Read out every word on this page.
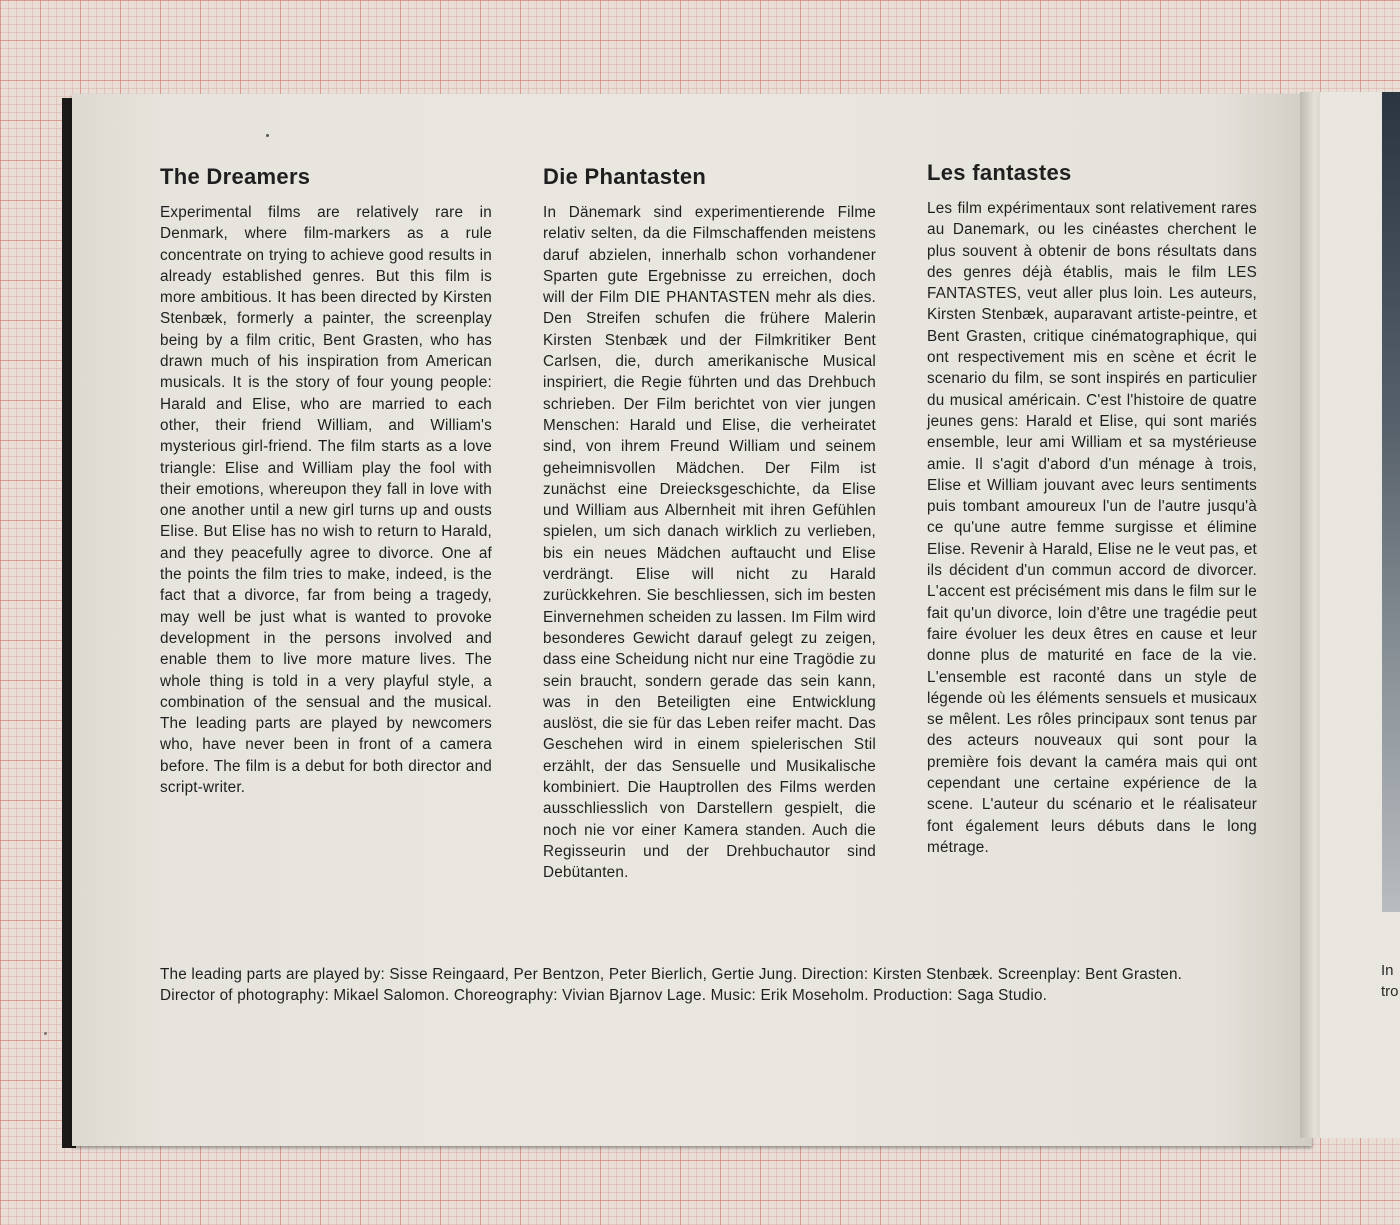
The Dreamers

Experimental films are relatively rare in Denmark, where film-markers as a rule concentrate on trying to achieve good results in already established genres. But this film is more ambitious. It has been directed by Kirsten Stenbæk, formerly a painter, the screenplay being by a film critic, Bent Grasten, who has drawn much of his inspiration from American musicals. It is the story of four young people: Harald and Elise, who are married to each other, their friend William, and William's mysterious girl-friend. The film starts as a love triangle: Elise and William play the fool with their emotions, whereupon they fall in love with one another until a new girl turns up and ousts Elise. But Elise has no wish to return to Harald, and they peacefully agree to divorce. One af the points the film tries to make, indeed, is the fact that a divorce, far from being a tragedy, may well be just what is wanted to provoke development in the persons involved and enable them to live more mature lives. The whole thing is told in a very playful style, a combination of the sensual and the musical. The leading parts are played by newcomers who, have never been in front of a camera before. The film is a debut for both director and script-writer.

Die Phantasten

In Dänemark sind experimentierende Filme relativ selten, da die Filmschaffenden meistens daruf abzielen, innerhalb schon vorhandener Sparten gute Ergebnisse zu erreichen, doch will der Film DIE PHANTASTEN mehr als dies. Den Streifen schufen die frühere Malerin Kirsten Stenbæk und der Filmkritiker Bent Carlsen, die, durch amerikanische Musical inspiriert, die Regie führten und das Drehbuch schrieben. Der Film berichtet von vier jungen Menschen: Harald und Elise, die verheiratet sind, von ihrem Freund William und seinem geheimnisvollen Mädchen. Der Film ist zunächst eine Dreiecksgeschichte, da Elise und William aus Albernheit mit ihren Gefühlen spielen, um sich danach wirklich zu verlieben, bis ein neues Mädchen auftaucht und Elise verdrängt. Elise will nicht zu Harald zurückkehren. Sie beschliessen, sich im besten Einvernehmen scheiden zu lassen. Im Film wird besonderes Gewicht darauf gelegt zu zeigen, dass eine Scheidung nicht nur eine Tragödie zu sein braucht, sondern gerade das sein kann, was in den Beteiligten eine Entwicklung auslöst, die sie für das Leben reifer macht. Das Geschehen wird in einem spielerischen Stil erzählt, der das Sensuelle und Musikalische kombiniert. Die Hauptrollen des Films werden ausschliesslich von Darstellern gespielt, die noch nie vor einer Kamera standen. Auch die Regisseurin und der Drehbuchautor sind Debütanten.

Les fantastes

Les film expérimentaux sont relativement rares au Danemark, ou les cinéastes cherchent le plus souvent à obtenir de bons résultats dans des genres déjà établis, mais le film LES FANTASTES, veut aller plus loin. Les auteurs, Kirsten Stenbæk, auparavant artiste-peintre, et Bent Grasten, critique cinématographique, qui ont respectivement mis en scène et écrit le scenario du film, se sont inspirés en particulier du musical américain. C'est l'histoire de quatre jeunes gens: Harald et Elise, qui sont mariés ensemble, leur ami William et sa mystérieuse amie. Il s'agit d'abord d'un ménage à trois, Elise et William jouvant avec leurs sentiments puis tombant amoureux l'un de l'autre jusqu'à ce qu'une autre femme surgisse et élimine Elise. Revenir à Harald, Elise ne le veut pas, et ils décident d'un commun accord de divorcer. L'accent est précisément mis dans le film sur le fait qu'un divorce, loin d'être une tragédie peut faire évoluer les deux êtres en cause et leur donne plus de maturité en face de la vie. L'ensemble est raconté dans un style de légende où les éléments sensuels et musicaux se mêlent. Les rôles principaux sont tenus par des acteurs nouveaux qui sont pour la première fois devant la caméra mais qui ont cependant une certaine expérience de la scene. L'auteur du scénario et le réalisateur font également leurs débuts dans le long métrage.

The leading parts are played by: Sisse Reingaard, Per Bentzon, Peter Bierlich, Gertie Jung. Direction: Kirsten Stenbæk. Screenplay: Bent Grasten. Director of photography: Mikael Salomon. Choreography: Vivian Bjarnov Lage. Music: Erik Moseholm. Production: Saga Studio.

In
tro
